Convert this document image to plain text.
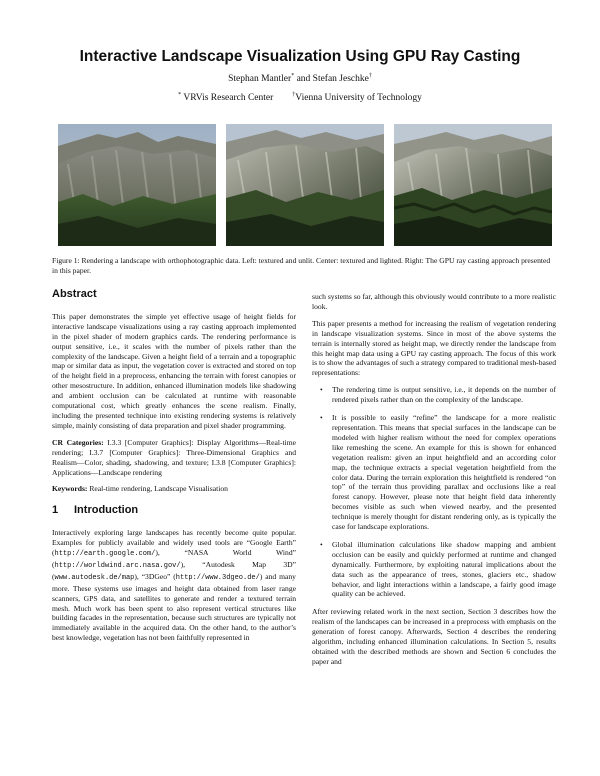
Interactive Landscape Visualization Using GPU Ray Casting
Stephan Mantler* and Stefan Jeschke†
* VRVis Research Center	†Vienna University of Technology
Figure 1: Rendering a landscape with orthophotographic data. Left: textured and unlit. Center: textured and lighted. Right: The GPU ray casting approach presented in this paper.
Abstract

This paper demonstrates the simple yet effective usage of height fields for interactive landscape visualizations using a ray casting approach implemented in the pixel shader of modern graphics cards. The rendering performance is output sensitive, i.e., it scales with the number of pixels rather than the complexity of the landscape. Given a height field of a terrain and a topographic map or similar data as input, the vegetation cover is extracted and stored on top of the height field in a preprocess, enhancing the terrain with forest canopies or other mesostructure. In addition, enhanced illumination models like shadowing and ambient occlusion can be calculated at runtime with reasonable computational cost, which greatly enhances the scene realism. Finally, including the presented technique into existing rendering systems is relatively simple, mainly consisting of data preparation and pixel shader programming.

CR Categories: I.3.3 [Computer Graphics]: Display Algorithms—Real-time rendering; I.3.7 [Computer Graphics]: Three-Dimensional Graphics and Realism—Color, shading, shadowing, and texture; I.3.8 [Computer Graphics]: Applications—Landscape rendering

Keywords: Real-time rendering, Landscape Visualisation

1 Introduction

Interactively exploring large landscapes has recently become quite popular. Examples for publicly available and widely used tools are “Google Earth” (http://earth.google.com/), “NASA World Wind” (http://worldwind.arc.nasa.gov/), “Autodesk Map 3D” (www.autodesk.de/map), “3DGeo” (http://www.3dgeo.de/) and many more. These systems use images and height data obtained from laser range scanners, GPS data, and satellites to generate and render a textured terrain mesh. Much work has been spent to also represent vertical structures like building facades in the representation, because such structures are typically not immediately available in the acquired data. On the other hand, to the author’s best knowledge, vegetation has not been faithfully represented in

such systems so far, although this obviously would contribute to a more realistic look.

This paper presents a method for increasing the realism of vegetation rendering in landscape visualization systems. Since in most of the above systems the terrain is internally stored as height map, we directly render the landscape from this height map data using a GPU ray casting approach. The focus of this work is to show the advantages of such a strategy compared to traditional mesh-based representations:

• The rendering time is output sensitive, i.e., it depends on the number of rendered pixels rather than on the complexity of the landscape.
• It is possible to easily “refine” the landscape for a more realistic representation. This means that special surfaces in the landscape can be modeled with higher realism without the need for complex operations like remeshing the scene. An example for this is shown for enhanced vegetation realism: given an input heightfield and an according color map, the technique extracts a special vegetation heightfield from the color data. During the terrain exploration this heightfield is rendered “on top” of the terrain thus providing parallax and occlusions like a real forest canopy. However, please note that height field data inherently becomes visible as such when viewed nearby, and the presented technique is merely thought for distant rendering only, as is typically the case for landscape explorations.
• Global illumination calculations like shadow mapping and ambient occlusion can be easily and quickly performed at runtime and changed dynamically. Furthermore, by exploiting natural implications about the data such as the appearance of trees, stones, glaciers etc., shadow behavior, and light interactions within a landscape, a fairly good image quality can be achieved.

After reviewing related work in the next section, Section 3 describes how the realism of the landscapes can be increased in a preprocess with emphasis on the generation of forest canopy. Afterwards, Section 4 describes the rendering algorithm, including enhanced illumination calculations. In Section 5, results obtained with the described methods are shown and Section 6 concludes the paper and
